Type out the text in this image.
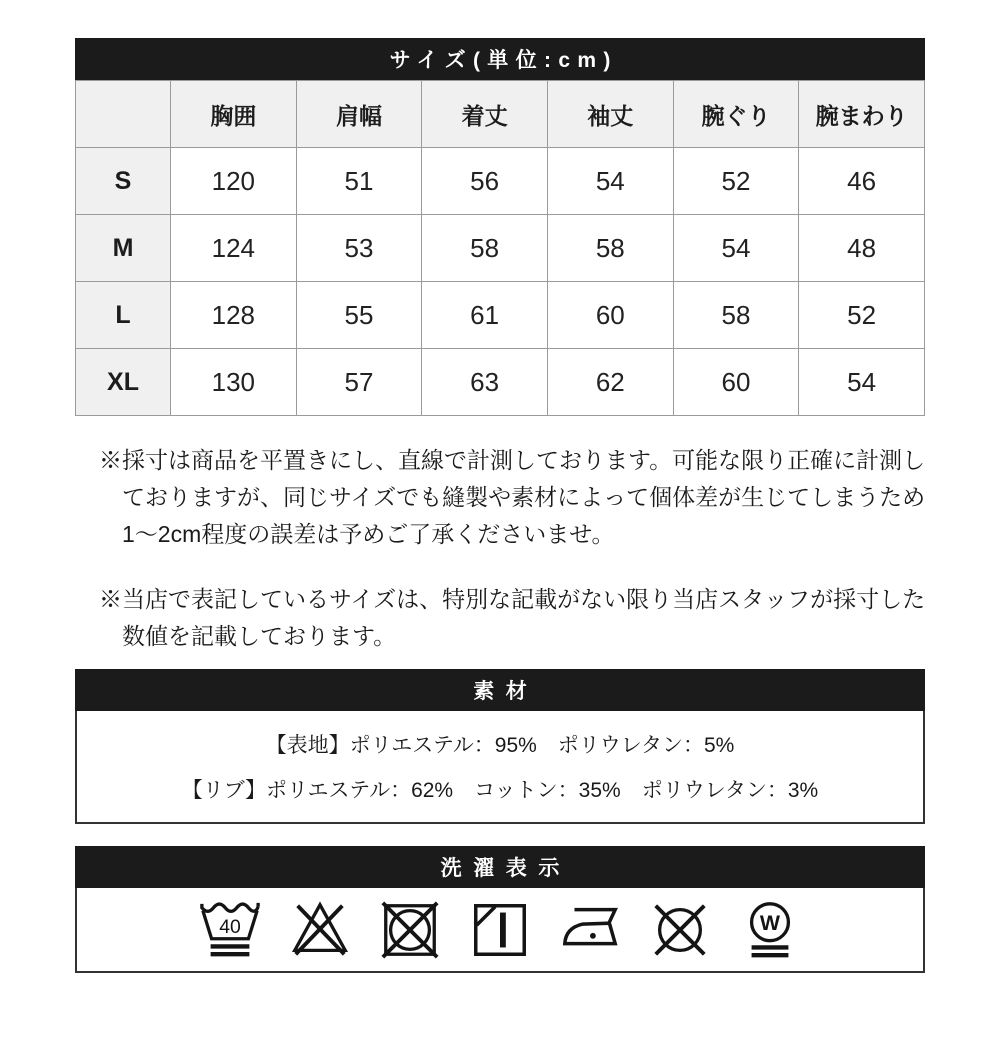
サイズ(単位:cm)
	胸囲	肩幅	着丈	袖丈	腕ぐり	腕まわり
S	120	51	56	54	52	46
M	124	53	58	58	54	48
L	128	55	61	60	58	52
XL	130	57	63	62	60	54

※採寸は商品を平置きにし、直線で計測しております。可能な限り正確に計測しておりますが、同じサイズでも縫製や素材によって個体差が生じてしまうため1〜2cm程度の誤差は予めご了承くださいませ。

※当店で表記しているサイズは、特別な記載がない限り当店スタッフが採寸した数値を記載しております。

素材
【表地】ポリエステル：95%　ポリウレタン：5%
【リブ】ポリエステル：62%　コットン：35%　ポリウレタン：3%
洗濯表示
40	W
